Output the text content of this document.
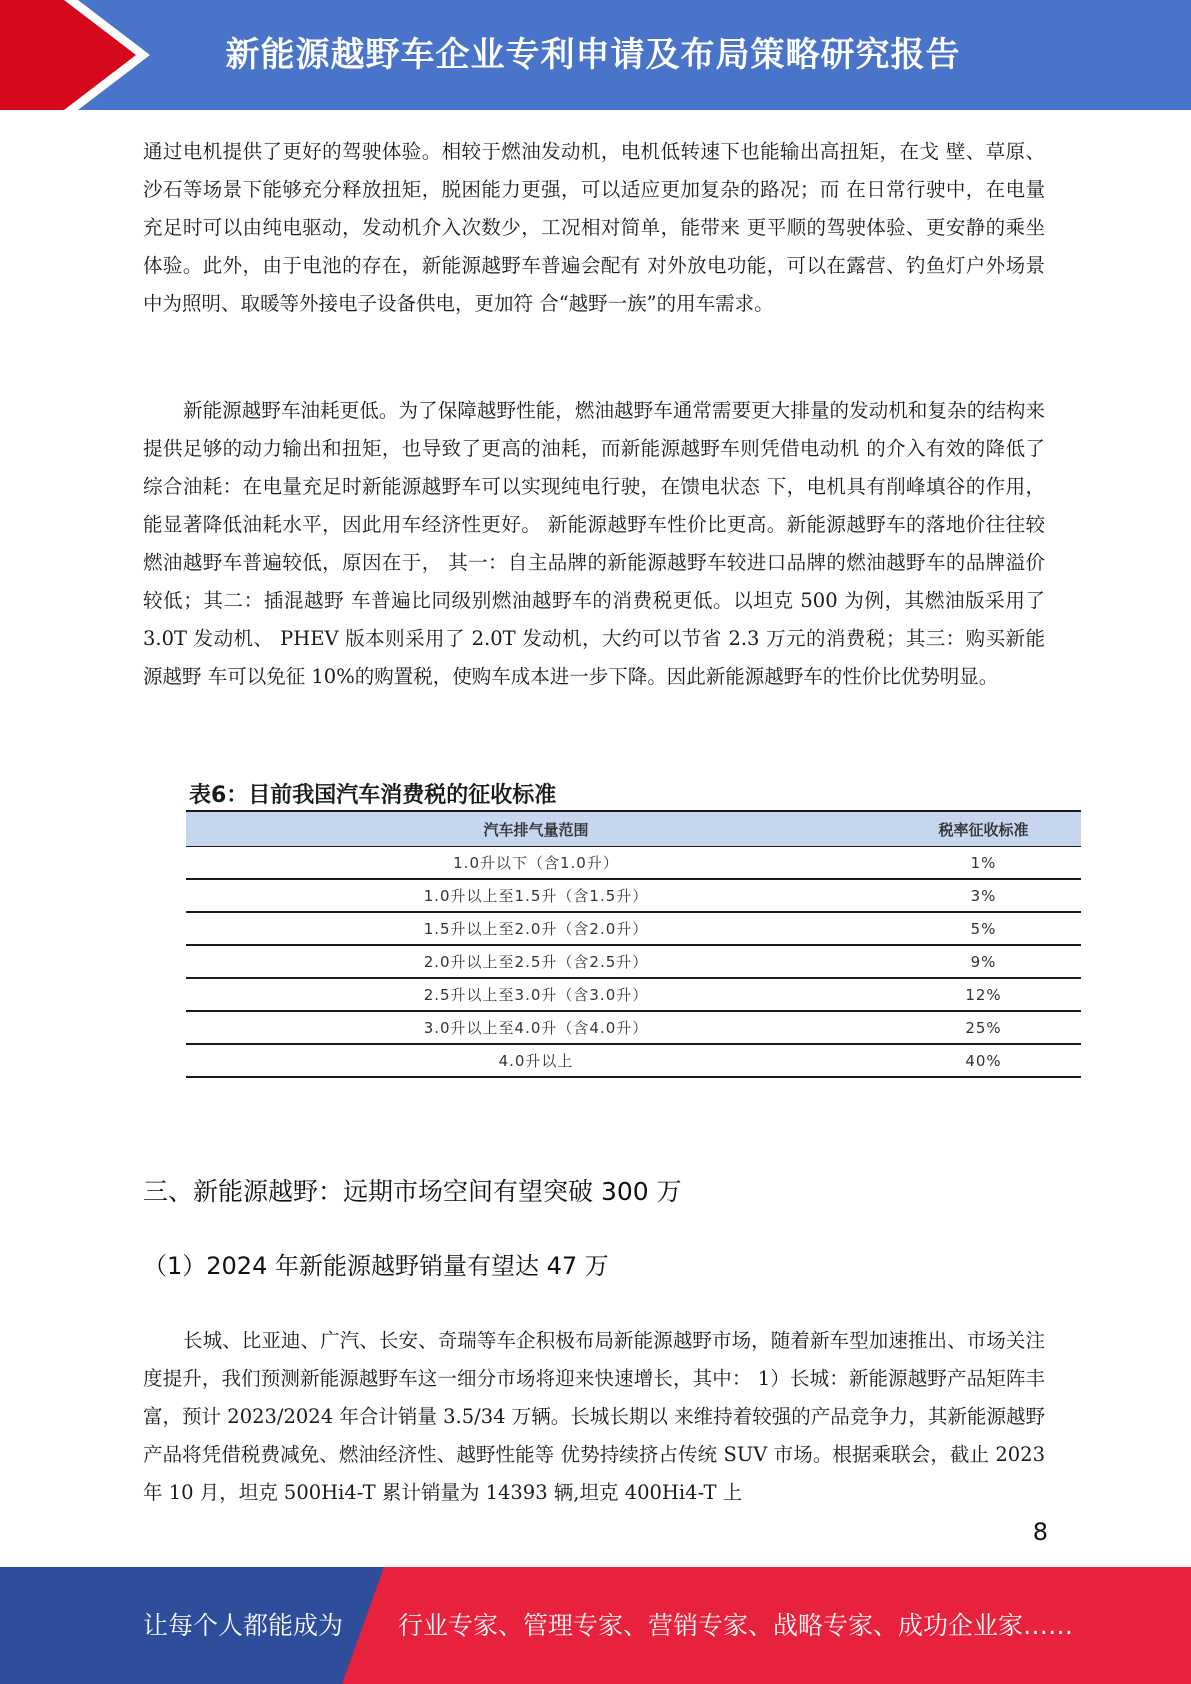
新能源越野车企业专利申请及布局策略研究报告
通过电机提供了更好的驾驶体验。相较于燃油发动机，电机低转速下也能输出高扭矩，在戈 壁、草原、沙石等场景下能够充分释放扭矩，脱困能力更强，可以适应更加复杂的路况；而 在日常行驶中，在电量充足时可以由纯电驱动，发动机介入次数少，工况相对简单，能带来 更平顺的驾驶体验、更安静的乘坐体验。此外，由于电池的存在，新能源越野车普遍会配有 对外放电功能，可以在露营、钓鱼灯户外场景中为照明、取暖等外接电子设备供电，更加符 合“越野一族”的用车需求。
新能源越野车油耗更低。为了保障越野性能，燃油越野车通常需要更大排量的发动机和复杂的结构来提供足够的动力输出和扭矩，也导致了更高的油耗，而新能源越野车则凭借电动机 的介入有效的降低了综合油耗：在电量充足时新能源越野车可以实现纯电行驶，在馈电状态 下，电机具有削峰填谷的作用，能显著降低油耗水平，因此用车经济性更好。 新能源越野车性价比更高。新能源越野车的落地价往往较燃油越野车普遍较低，原因在于， 其一：自主品牌的新能源越野车较进口品牌的燃油越野车的品牌溢价较低；其二：插混越野 车普遍比同级别燃油越野车的消费税更低。以坦克 500 为例，其燃油版采用了 3.0T 发动机、 PHEV 版本则采用了 2.0T 发动机，大约可以节省 2.3 万元的消费税；其三：购买新能源越野 车可以免征 10%的购置税，使购车成本进一步下降。因此新能源越野车的性价比优势明显。
表6：目前我国汽车消费税的征收标准
汽车排气量范围	税率征收标准
1.0升以下（含1.0升）	1%
1.0升以上至1.5升（含1.5升）	3%
1.5升以上至2.0升（含2.0升）	5%
2.0升以上至2.5升（含2.5升）	9%
2.5升以上至3.0升（含3.0升）	12%
3.0升以上至4.0升（含4.0升）	25%
4.0升以上	40%
三、新能源越野：远期市场空间有望突破 300 万
（1）2024 年新能源越野销量有望达 47 万
长城、比亚迪、广汽、长安、奇瑞等车企积极布局新能源越野市场，随着新车型加速推出、市场关注度提升，我们预测新能源越野车这一细分市场将迎来快速增长，其中： 1）长城：新能源越野产品矩阵丰富，预计 2023/2024 年合计销量 3.5/34 万辆。长城长期以 来维持着较强的产品竞争力，其新能源越野产品将凭借税费减免、燃油经济性、越野性能等 优势持续挤占传统 SUV 市场。根据乘联会，截止 2023 年 10 月，坦克 500Hi4-T 累计销量为 14393 辆,坦克 400Hi4-T 上
8
让每个人都能成为 行业专家、管理专家、营销专家、战略专家、成功企业家……
